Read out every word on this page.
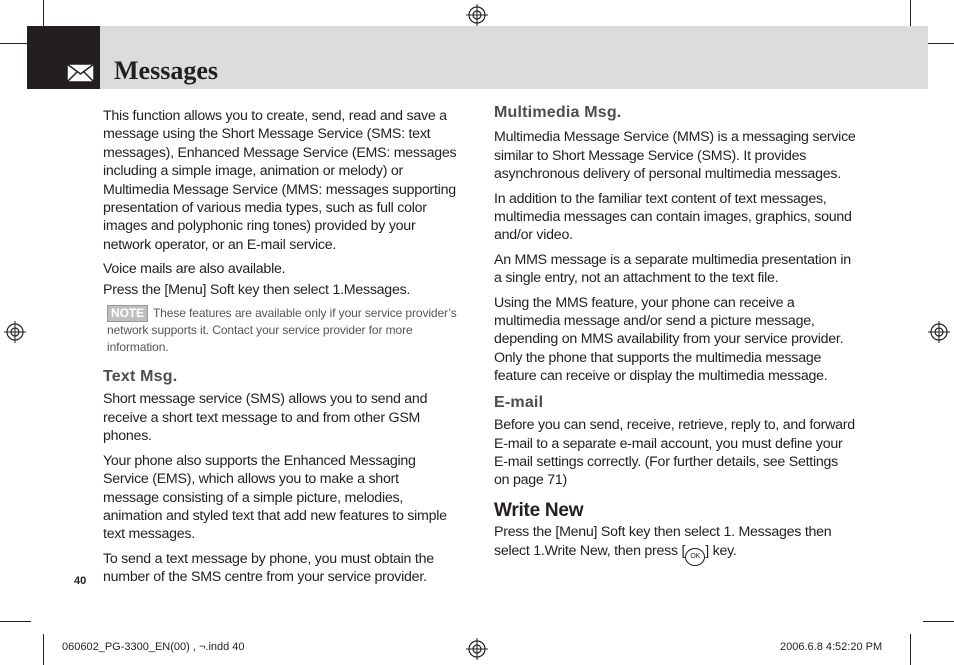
Messages

This function allows you to create, send, read and save a message using the Short Message Service (SMS: text messages), Enhanced Message Service (EMS: messages including a simple image, animation or melody) or Multimedia Message Service (MMS: messages supporting presentation of various media types, such as full color images and polyphonic ring tones) provided by your network operator, or an E-mail service.

Voice mails are also available.

Press the [Menu] Soft key then select 1.Messages.

NOTE These features are available only if your service provider’s network supports it. Contact your service provider for more information.
Text Msg.

Short message service (SMS) allows you to send and receive a short text message to and from other GSM phones.

Your phone also supports the Enhanced Messaging Service (EMS), which allows you to make a short message consisting of a simple picture, melodies, animation and styled text that add new features to simple text messages.

To send a text message by phone, you must obtain the number of the SMS centre from your service provider.

Multimedia Msg.

Multimedia Message Service (MMS) is a messaging service similar to Short Message Service (SMS). It provides asynchronous delivery of personal multimedia messages.

In addition to the familiar text content of text messages, multimedia messages can contain images, graphics, sound and/or video.

An MMS message is a separate multimedia presentation in a single entry, not an attachment to the text file.

Using the MMS feature, your phone can receive a multimedia message and/or send a picture message, depending on MMS availability from your service provider. Only the phone that supports the multimedia message feature can receive or display the multimedia message.

E-mail

Before you can send, receive, retrieve, reply to, and forward E-mail to a separate e-mail account, you must define your E-mail settings correctly. (For further details, see Settings on page 71)

Write New

Press the [Menu] Soft key then select 1. Messages then select 1.Write New, then press [ OK ] key.

40
060602_PG-3300_EN(00) , ¬.indd 40	2006.6.8 4:52:20 PM
